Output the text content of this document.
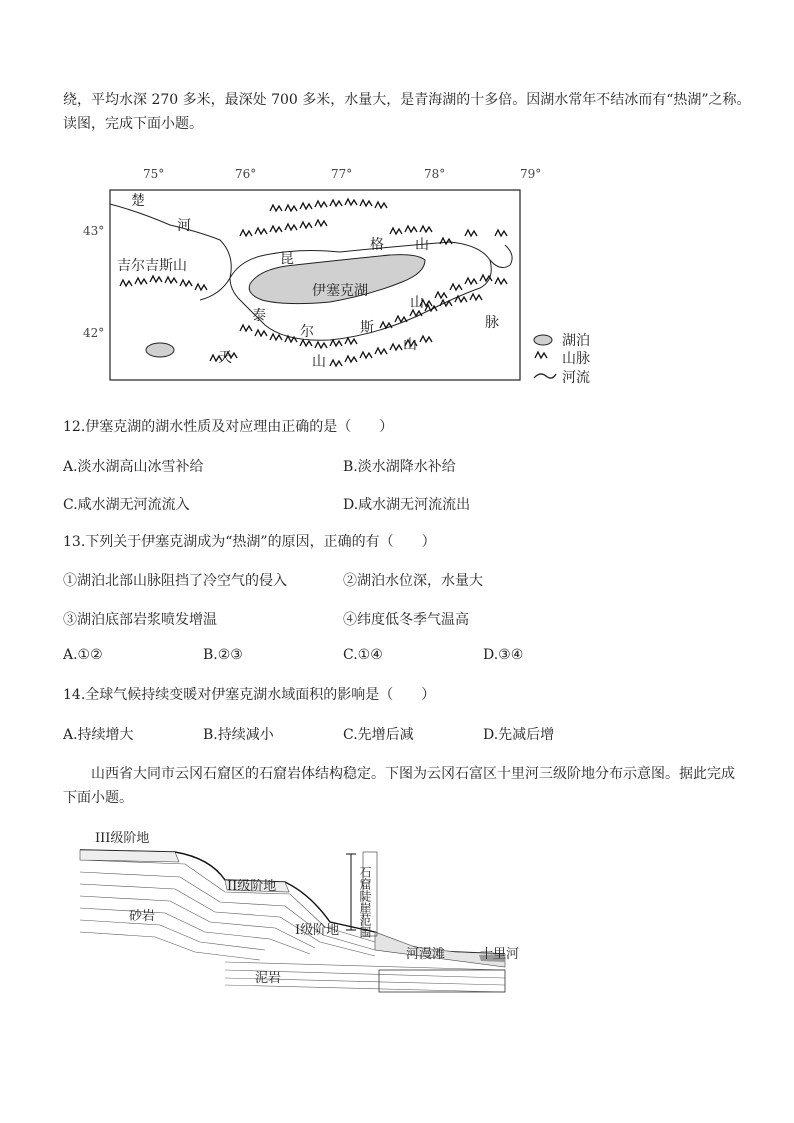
绕，平均水深 270 多米，最深处 700 多米，水量大，是青海湖的十多倍。因湖水常年不结冰而有“热湖”之称。
读图，完成下面小题。
75°	76°	77°	78°	79°
43°
42°
楚
河
吉尔吉斯山
伊塞克湖
昆
格 山
山
脉
泰
尔	斯
山
天	山
湖泊
山脉
河流
12.伊塞克湖的湖水性质及对应理由正确的是（　　）
A.淡水湖高山冰雪补给	B.淡水湖降水补给
C.咸水湖无河流流入	D.咸水湖无河流流出
13.下列关于伊塞克湖成为“热湖”的原因，正确的有（　　）
①湖泊北部山脉阻挡了冷空气的侵入	②湖泊水位深，水量大
③湖泊底部岩浆喷发增温	④纬度低冬季气温高
A.①②	B.②③	C.①④	D.③④
14.全球气候持续变暖对伊塞克湖水域面积的影响是（　　）
A.持续增大	B.持续减小	C.先增后减	D.先减后增
山西省大同市云冈石窟区的石窟岩体结构稳定。下图为云冈石富区十里河三级阶地分布示意图。据此完成
下面小题。
III级阶地
II级阶地
I级阶地
砂岩
泥岩
河漫滩	十里河
石窟陡崖范围
